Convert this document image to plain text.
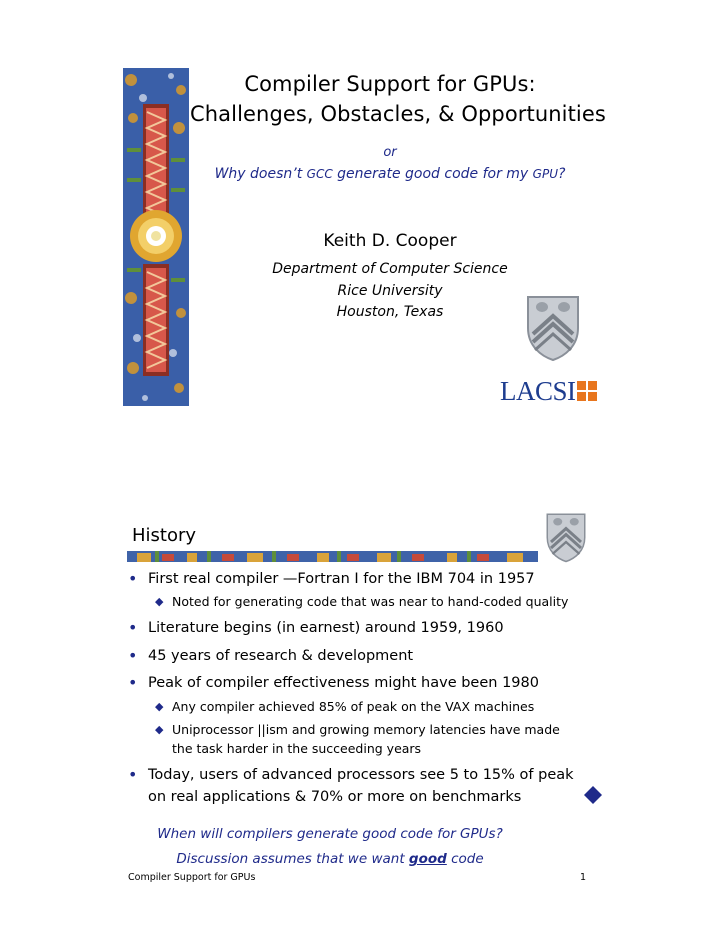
Compiler Support for GPUs:
Challenges, Obstacles, & Opportunities
or
Why doesn’t GCC generate good code for my GPU?
Keith D. Cooper
Department of Computer Science
Rice University
Houston, Texas
LACSI
History
• First real compiler —Fortran I for the IBM 704 in 1957
◆ Noted for generating code that was near to hand-coded quality
• Literature begins (in earnest) around 1959, 1960
• 45 years of research & development
• Peak of compiler effectiveness might have been 1980
◆ Any compiler achieved 85% of peak on the VAX machines
◆ Uniprocessor ||ism and growing memory latencies have made
the task harder in the succeeding years
• Today, users of advanced processors see 5 to 15% of peak
on real applications & 70% or more on benchmarks
When will compilers generate good code for GPUs?
Discussion assumes that we want good code
Compiler Support for GPUs	1
